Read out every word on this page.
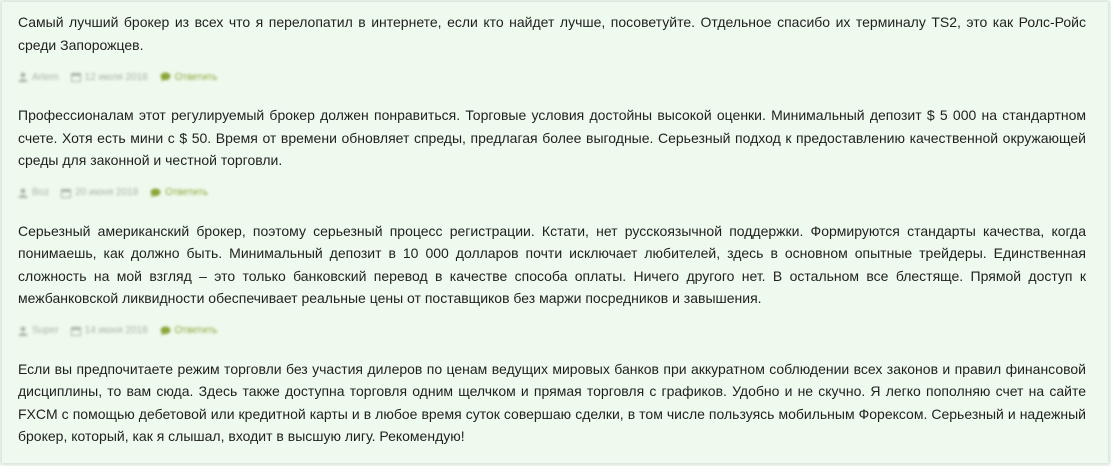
Самый лучший брокер из всех что я перелопатил в интернете, если кто найдет лучше, посоветуйте. Отдельное спасибо их терминалу TS2, это как Ролс-Ройс среди Запорожцев.

Artem	12 июля 2018	Ответить

Профессионалам этот регулируемый брокер должен понравиться. Торговые условия достойны высокой оценки. Минимальный депозит $ 5 000 на стандартном счете. Хотя есть мини с $ 50. Время от времени обновляет спреды, предлагая более выгодные. Серьезный подход к предоставлению качественной окружающей среды для законной и честной торговли.

Boz	20 июня 2018	Ответить

Серьезный американский брокер, поэтому серьезный процесс регистрации. Кстати, нет русскоязычной поддержки. Формируются стандарты качества, когда понимаешь, как должно быть. Минимальный депозит в 10 000 долларов почти исключает любителей, здесь в основном опытные трейдеры. Единственная сложность на мой взгляд – это только банковский перевод в качестве способа оплаты. Ничего другого нет. В остальном все блестяще. Прямой доступ к межбанковской ликвидности обеспечивает реальные цены от поставщиков без маржи посредников и завышения.

Super	14 июня 2018	Ответить

Если вы предпочитаете режим торговли без участия дилеров по ценам ведущих мировых банков при аккуратном соблюдении всех законов и правил финансовой дисциплины, то вам сюда. Здесь также доступна торговля одним щелчком и прямая торговля с графиков. Удобно и не скучно. Я легко пополняю счет на сайте FXCM с помощью дебетовой или кредитной карты и в любое время суток совершаю сделки, в том числе пользуясь мобильным Форексом. Серьезный и надежный брокер, который, как я слышал, входит в высшую лигу. Рекомендую!
